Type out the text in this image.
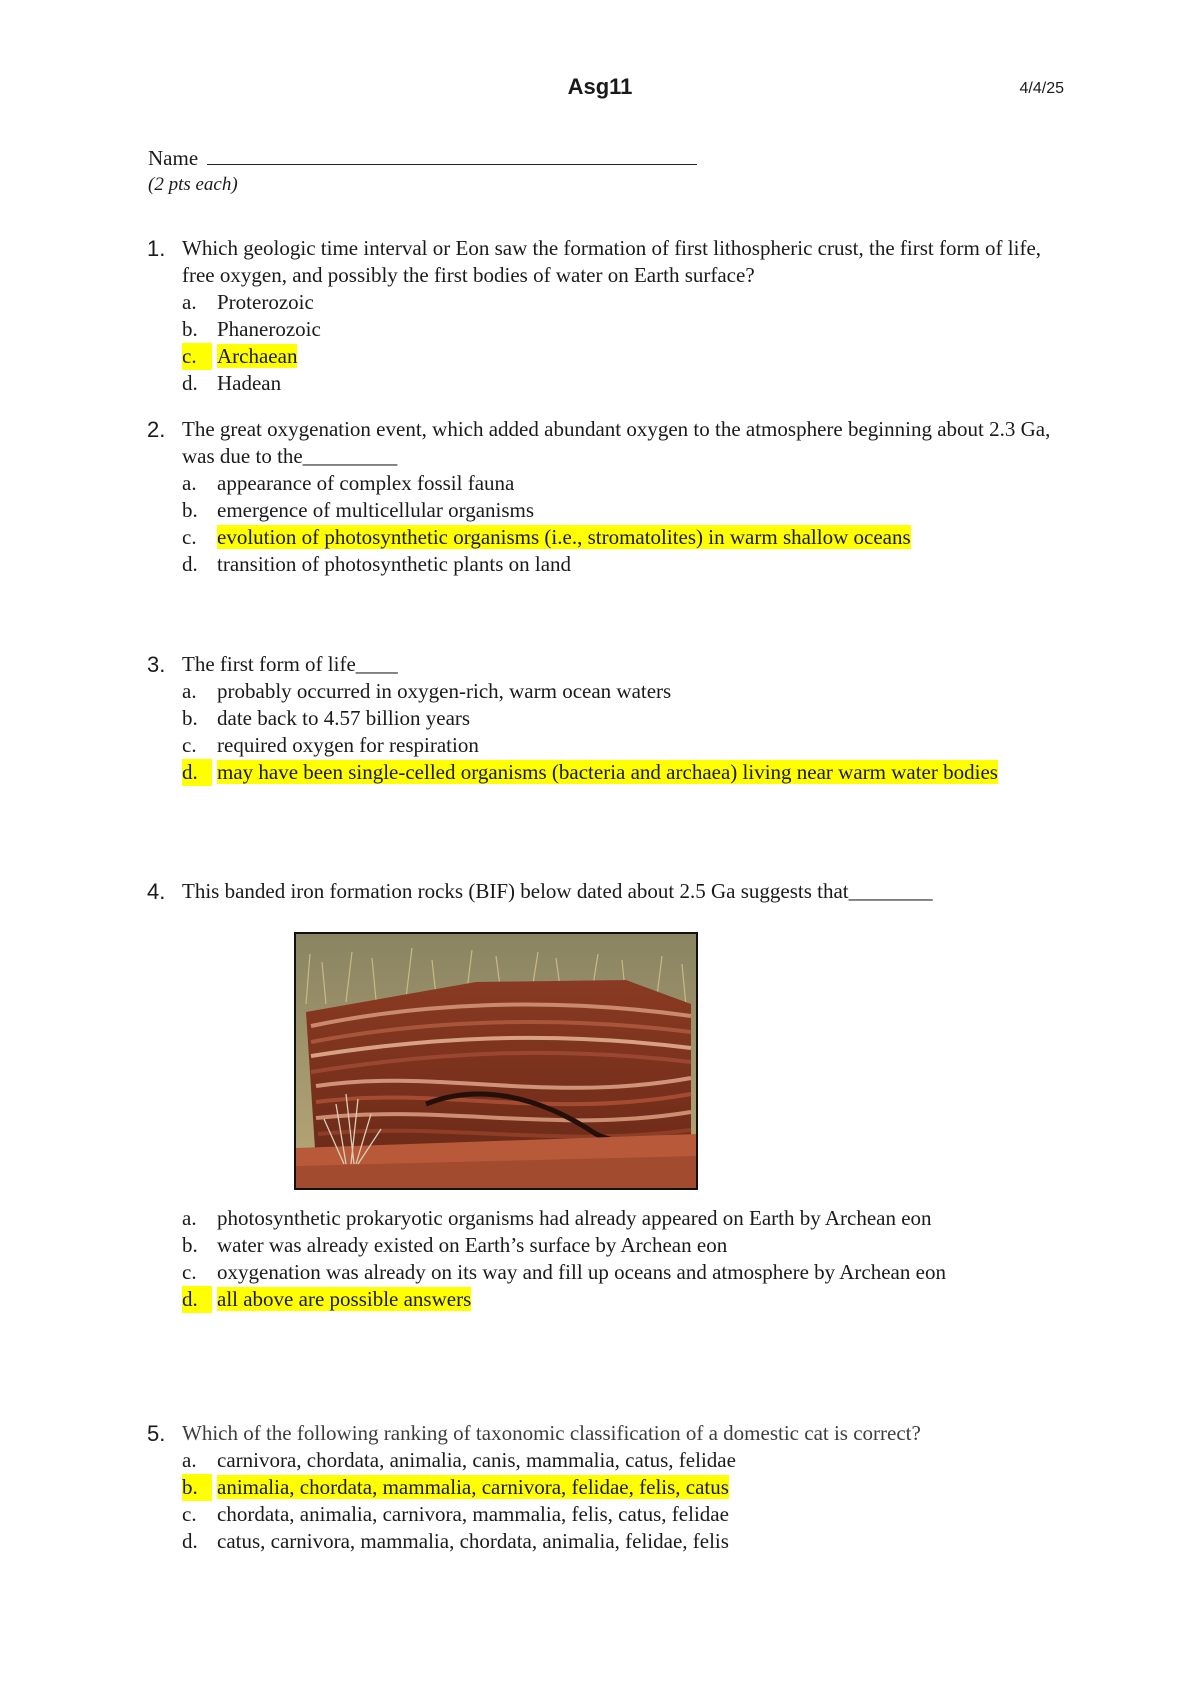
Asg11	4/4/25
Name
(2 pts each)
1. Which geologic time interval or Eon saw the formation of first lithospheric crust, the first form of life, free oxygen, and possibly the first bodies of water on Earth surface?
a. Proterozoic
b. Phanerozoic
c. Archaean
d. Hadean
2. The great oxygenation event, which added abundant oxygen to the atmosphere beginning about 2.3 Ga, was due to the_________
a. appearance of complex fossil fauna
b. emergence of multicellular organisms
c. evolution of photosynthetic organisms (i.e., stromatolites) in warm shallow oceans
d. transition of photosynthetic plants on land
3. The first form of life____
a. probably occurred in oxygen-rich, warm ocean waters
b. date back to 4.57 billion years
c. required oxygen for respiration
d. may have been single-celled organisms (bacteria and archaea) living near warm water bodies
4. This banded iron formation rocks (BIF) below dated about 2.5 Ga suggests that________
a. photosynthetic prokaryotic organisms had already appeared on Earth by Archean eon
b. water was already existed on Earth’s surface by Archean eon
c. oxygenation was already on its way and fill up oceans and atmosphere by Archean eon
d. all above are possible answers
5. Which of the following ranking of taxonomic classification of a domestic cat is correct?
a. carnivora, chordata, animalia, canis, mammalia, catus, felidae
b. animalia, chordata, mammalia, carnivora, felidae, felis, catus
c. chordata, animalia, carnivora, mammalia, felis, catus, felidae
d. catus, carnivora, mammalia, chordata, animalia, felidae, felis
